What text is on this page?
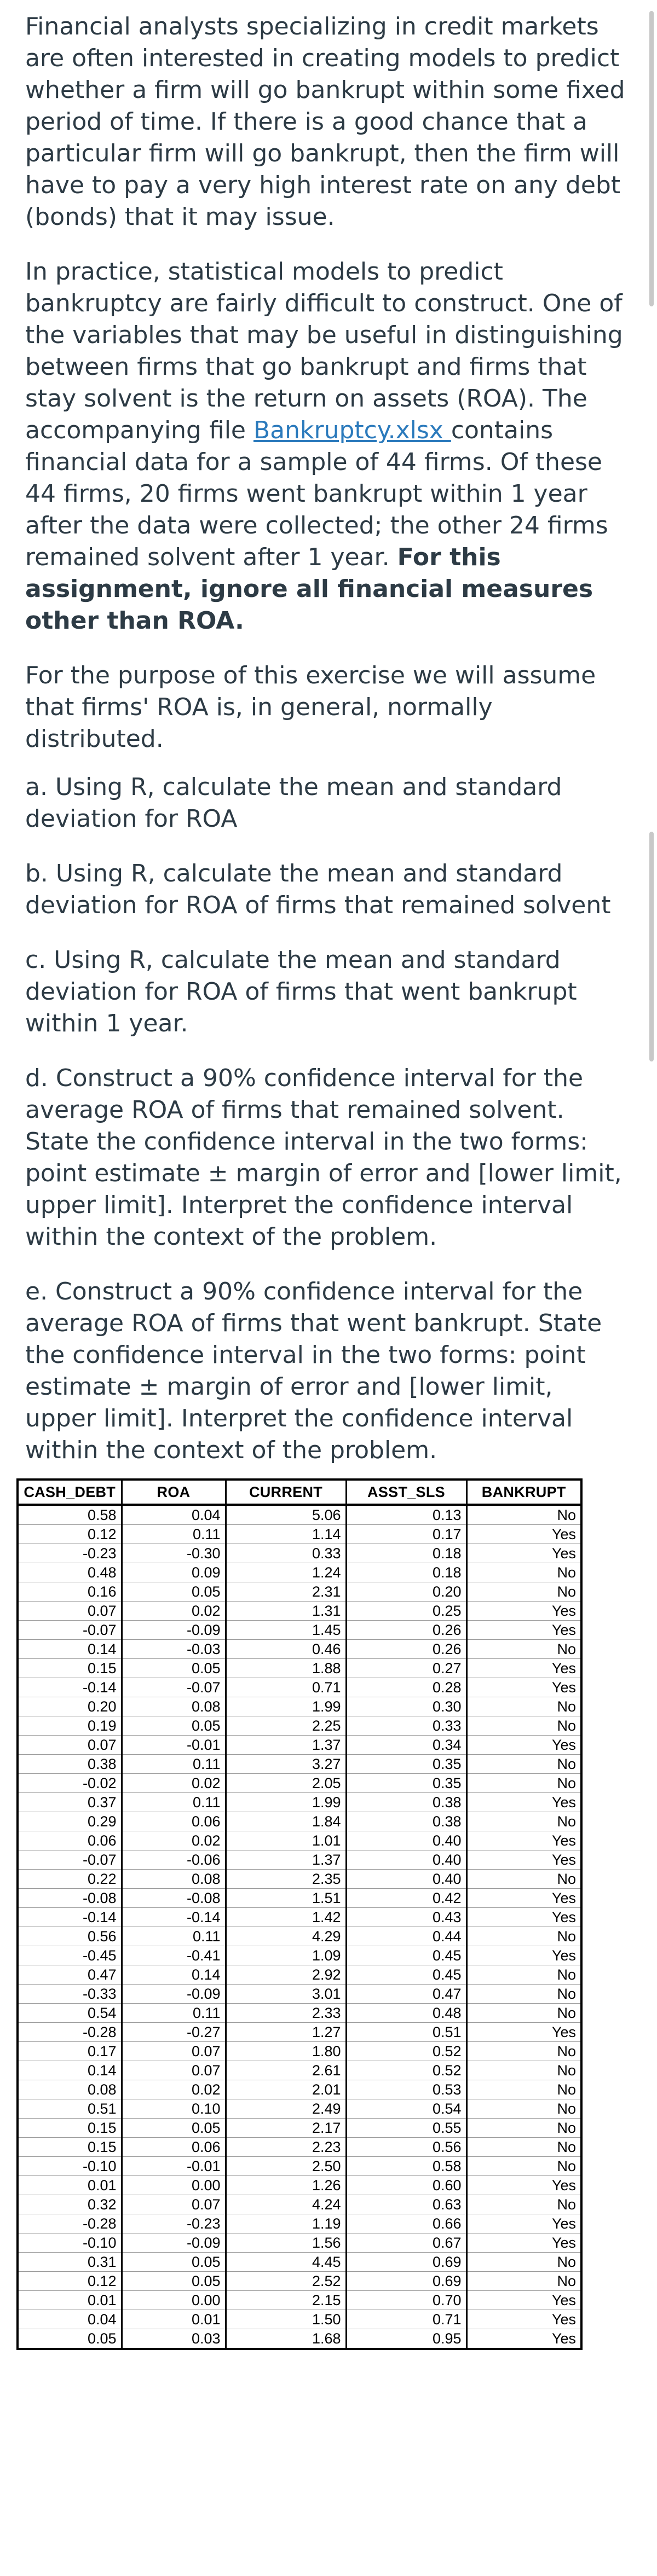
Financial analysts specializing in credit markets are often interested in creating models to predict whether a firm will go bankrupt within some fixed period of time. If there is a good chance that a particular firm will go bankrupt, then the firm will have to pay a very high interest rate on any debt (bonds) that it may issue.

In practice, statistical models to predict bankruptcy are fairly difficult to construct. One of the variables that may be useful in distinguishing between firms that go bankrupt and firms that stay solvent is the return on assets (ROA). The accompanying file Bankruptcy.xlsx contains financial data for a sample of 44 firms. Of these 44 firms, 20 firms went bankrupt within 1 year after the data were collected; the other 24 firms remained solvent after 1 year. For this assignment, ignore all financial measures other than ROA.

For the purpose of this exercise we will assume that firms' ROA is, in general, normally distributed.

a. Using R, calculate the mean and standard deviation for ROA

b. Using R, calculate the mean and standard deviation for ROA of firms that remained solvent

c. Using R, calculate the mean and standard deviation for ROA of firms that went bankrupt within 1 year.

d. Construct a 90% confidence interval for the average ROA of firms that remained solvent. State the confidence interval in the two forms: point estimate ± margin of error and [lower limit, upper limit]. Interpret the confidence interval within the context of the problem.

e. Construct a 90% confidence interval for the average ROA of firms that went bankrupt. State the confidence interval in the two forms: point estimate ± margin of error and [lower limit, upper limit]. Interpret the confidence interval within the context of the problem.

CASH_DEBT	ROA	CURRENT	ASST_SLS	BANKRUPT
0.58	0.04	5.06	0.13	No
0.12	0.11	1.14	0.17	Yes
-0.23	-0.30	0.33	0.18	Yes
0.48	0.09	1.24	0.18	No
0.16	0.05	2.31	0.20	No
0.07	0.02	1.31	0.25	Yes
-0.07	-0.09	1.45	0.26	Yes
0.14	-0.03	0.46	0.26	No
0.15	0.05	1.88	0.27	Yes
-0.14	-0.07	0.71	0.28	Yes
0.20	0.08	1.99	0.30	No
0.19	0.05	2.25	0.33	No
0.07	-0.01	1.37	0.34	Yes
0.38	0.11	3.27	0.35	No
-0.02	0.02	2.05	0.35	No
0.37	0.11	1.99	0.38	Yes
0.29	0.06	1.84	0.38	No
0.06	0.02	1.01	0.40	Yes
-0.07	-0.06	1.37	0.40	Yes
0.22	0.08	2.35	0.40	No
-0.08	-0.08	1.51	0.42	Yes
-0.14	-0.14	1.42	0.43	Yes
0.56	0.11	4.29	0.44	No
-0.45	-0.41	1.09	0.45	Yes
0.47	0.14	2.92	0.45	No
-0.33	-0.09	3.01	0.47	No
0.54	0.11	2.33	0.48	No
-0.28	-0.27	1.27	0.51	Yes
0.17	0.07	1.80	0.52	No
0.14	0.07	2.61	0.52	No
0.08	0.02	2.01	0.53	No
0.51	0.10	2.49	0.54	No
0.15	0.05	2.17	0.55	No
0.15	0.06	2.23	0.56	No
-0.10	-0.01	2.50	0.58	No
0.01	0.00	1.26	0.60	Yes
0.32	0.07	4.24	0.63	No
-0.28	-0.23	1.19	0.66	Yes
-0.10	-0.09	1.56	0.67	Yes
0.31	0.05	4.45	0.69	No
0.12	0.05	2.52	0.69	No
0.01	0.00	2.15	0.70	Yes
0.04	0.01	1.50	0.71	Yes
0.05	0.03	1.68	0.95	Yes
